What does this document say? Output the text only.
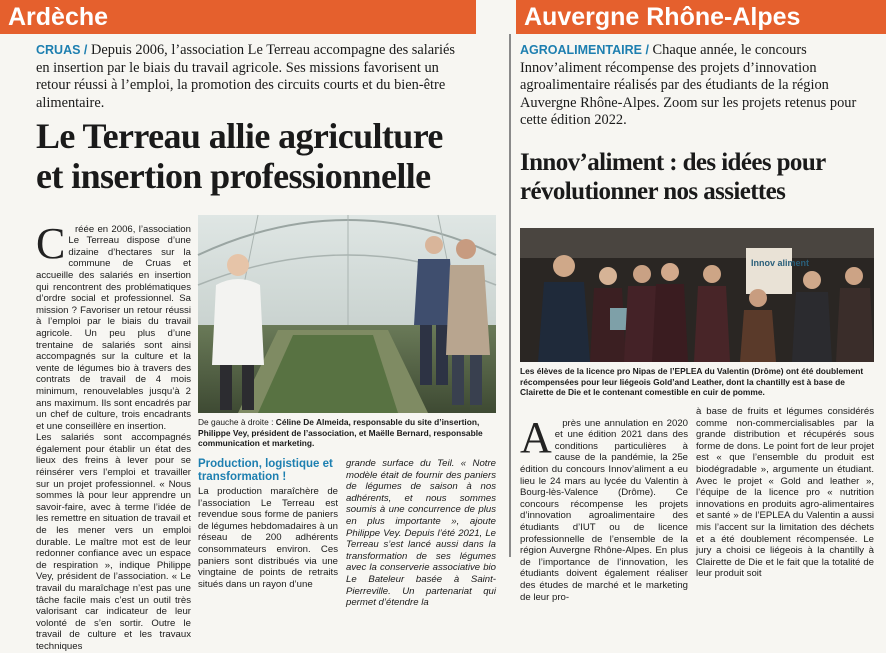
Ardèche
CRUAS / Depuis 2006, l’association Le Terreau accompagne des salariés en insertion par le biais du travail agricole. Ses missions favorisent un retour réussi à l’emploi, la promotion des circuits courts et du bien-être alimentaire.
Le Terreau allie agriculture
et insertion professionnelle

Créée en 2006, l’association Le Terreau dispose d’une dizaine d’hectares sur la commune de Cruas et accueille des salariés en insertion qui rencontrent des problématiques d’ordre social et professionnel. Sa mission ? Favoriser un retour réussi à l’emploi par le biais du travail agricole. Un peu plus d’une trentaine de salariés sont ainsi accompagnés sur la culture et la vente de légumes bio à travers des contrats de travail de 4 mois minimum, renouvelables jusqu’à 2 ans maximum. Ils sont encadrés par un chef de culture, trois encadrants et une conseillère en insertion.
Les salariés sont accompagnés également pour établir un état des lieux des freins à lever pour se réinsérer vers l’emploi et travailler sur un projet professionnel. « Nous sommes là pour leur apprendre un savoir-faire, avec à terme l’idée de les remettre en situation de travail et de les mener vers un emploi durable. Le maître mot est de leur redonner confiance avec un espace de respiration », indique Philippe Vey, président de l’association. « Le travail du maraîchage n’est pas une tâche facile mais c’est un outil très valorisant car indicateur de leur volonté de s’en sortir. Outre le travail de culture et les travaux techniques

De gauche à droite : Céline De Almeida, responsable du site d’insertion, Philippe Vey, président de l’association, et Maëlle Bernard, responsable communication et marketing.
Production, logistique et transformation !
La production maraîchère de l’association Le Terreau est revendue sous forme de paniers de légumes hebdomadaires à un réseau de 200 adhérents consommateurs environ. Ces paniers sont distribués via une vingtaine de points de retraits situés dans un rayon d’une
grande surface du Teil. « Notre modèle était de fournir des paniers de légumes de saison à nos adhérents, et nous sommes soumis à une concurrence de plus en plus importante », ajoute Philippe Vey. Depuis l’été 2021, Le Terreau s’est lancé aussi dans la transformation de ses légumes avec la conserverie associative bio Le Bateleur basée à Saint-Pierreville. Un partenariat qui permet d’étendre la
Auvergne Rhône-Alpes
AGROALIMENTAIRE / Chaque année, le concours Innov’aliment récompense des projets d’innovation agroalimentaire réalisés par des étudiants de la région Auvergne Rhône-Alpes. Zoom sur les projets retenus pour cette édition 2022.
Innov’aliment : des idées pour
révolutionner nos assiettes
Innov aliment
Les élèves de la licence pro Nipas de l’EPLEA du Valentin (Drôme) ont été doublement récompensées pour leur liégeois Gold’and Leather, dont la chantilly est à base de Clairette de Die et le contenant comestible en cuir de pomme.

A près une annulation en 2020 et une édition 2021 dans des conditions particulières à cause de la pandémie, la 25e édition du concours Innov’aliment a eu lieu le 24 mars au lycée du Valentin à Bourg-lès-Valence (Drôme). Ce concours récompense les projets d’innovation agroalimentaire des étudiants d’IUT ou de licence professionnelle de l’ensemble de la région Auvergne Rhône-Alpes. En plus de l’importance de l’innovation, les étudiants doivent également réaliser des études de marché et le marketing de leur pro-

à base de fruits et légumes considérés comme non-commercialisables par la grande distribution et récupérés sous forme de dons. Le point fort de leur projet est « que l’ensemble du produit est biodégradable », argumente un étudiant. Avec le projet « Gold and leather », l’équipe de la licence pro « nutrition innovations en produits agro-alimentaires et santé » de l’EPLEA du Valentin a aussi mis l’accent sur la limitation des déchets et a été doublement récompensée. Le jury a choisi ce liégeois à la chantilly à Clairette de Die et le fait que la totalité de leur produit soit
